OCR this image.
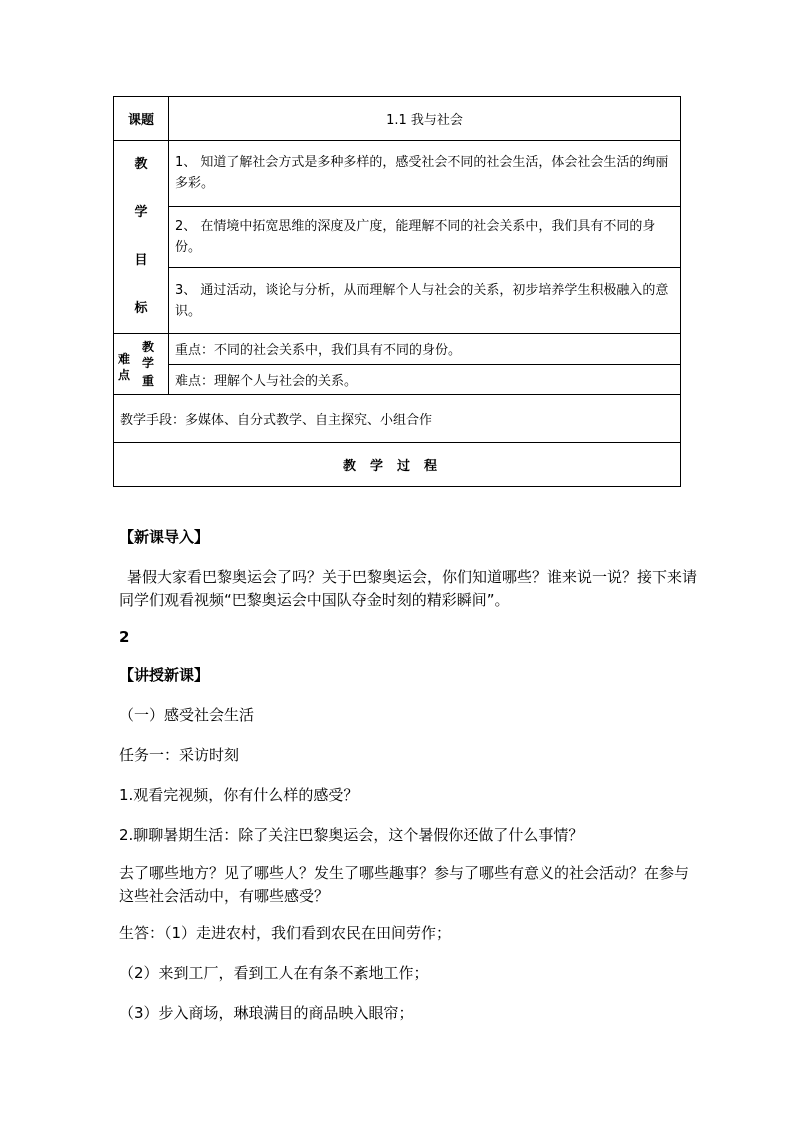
课题	1.1 我与社会

教
学
目
标	1、 知道了解社会方式是多种多样的，感受社会不同的社会生活，体会社会生活的绚丽多彩。
	2、 在情境中拓宽思维的深度及广度，能理解不同的社会关系中，我们具有不同的身份。
	3、 通过活动，谈论与分析，从而理解个人与社会的关系，初步培养学生积极融入的意识。

难
点
教
学
重	重点：不同的社会关系中，我们具有不同的身份。
	难点：理解个人与社会的关系。
教学手段：多媒体、自分式教学、自主探究、小组合作	
教学过程	

【新课导入】

暑假大家看巴黎奥运会了吗？关于巴黎奥运会，你们知道哪些？谁来说一说？接下来请同学们观看视频“巴黎奥运会中国队夺金时刻的精彩瞬间”。

2

【讲授新课】

（一）感受社会生活

任务一：采访时刻

1.观看完视频，你有什么样的感受？

2.聊聊暑期生活：除了关注巴黎奥运会，这个暑假你还做了什么事情？

去了哪些地方？见了哪些人？发生了哪些趣事？参与了哪些有意义的社会活动？在参与这些社会活动中，有哪些感受？

生答：（1）走进农村，我们看到农民在田间劳作；

（2）来到工厂，看到工人在有条不紊地工作；

（3）步入商场，琳琅满目的商品映入眼帘；
